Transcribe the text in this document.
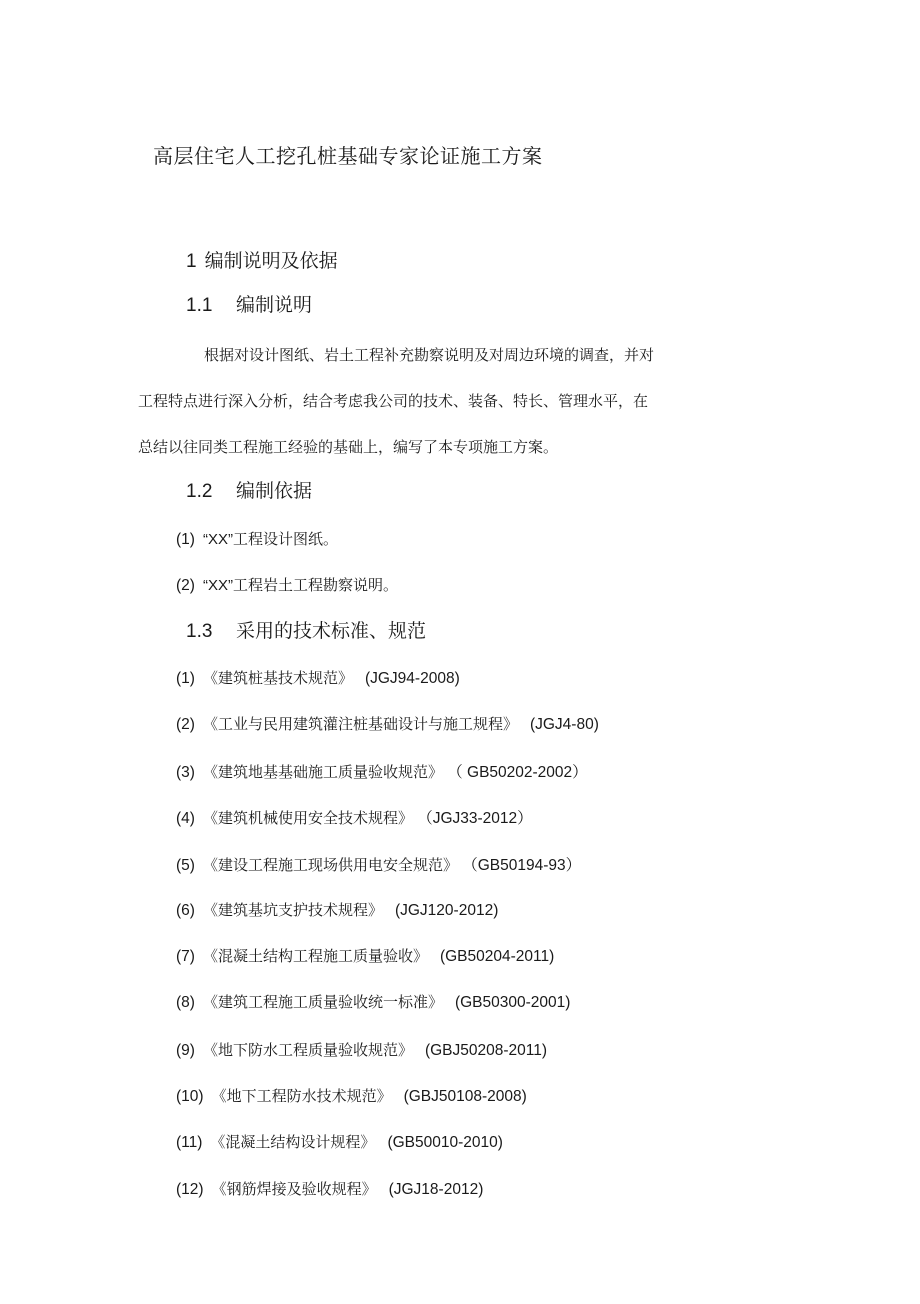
高层住宅人工挖孔桩基础专家论证施工方案
1 编制说明及依据
1.1 编制说明
根据对设计图纸、岩土工程补充勘察说明及对周边环境的调查，并对
工程特点进行深入分析，结合考虑我公司的技术、装备、特长、管理水平，在
总结以往同类工程施工经验的基础上，编写了本专项施工方案。
1.2 编制依据
(1) “XX”工程设计图纸。
(2) “XX”工程岩土工程勘察说明。
1.3 采用的技术标准、规范
(1) 《建筑桩基技术规范》 (JGJ94-2008)
(2) 《工业与民用建筑灌注桩基础设计与施工规程》 (JGJ4-80)
(3) 《建筑地基基础施工质量验收规范》 （ GB50202-2002）
(4) 《建筑机械使用安全技术规程》 （JGJ33-2012）
(5) 《建设工程施工现场供用电安全规范》 （GB50194-93）
(6) 《建筑基坑支护技术规程》 (JGJ120-2012)
(7) 《混凝土结构工程施工质量验收》 (GB50204-2011)
(8) 《建筑工程施工质量验收统一标准》 (GB50300-2001)
(9) 《地下防水工程质量验收规范》 (GBJ50208-2011)
(10) 《地下工程防水技术规范》 (GBJ50108-2008)
(11) 《混凝土结构设计规程》 (GB50010-2010)
(12) 《钢筋焊接及验收规程》 (JGJ18-2012)
